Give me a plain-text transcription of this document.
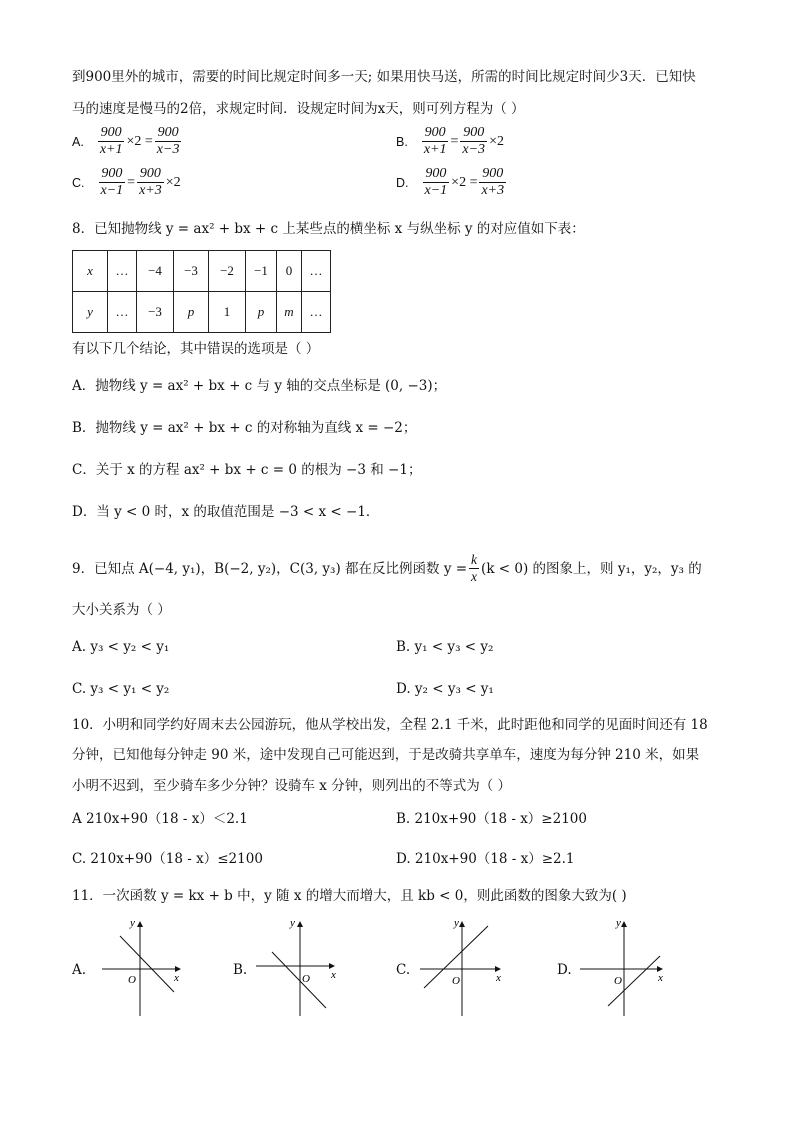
到900里外的城市，需要的时间比规定时间多一天; 如果用快马送，所需的时间比规定时间少3天．已知快
马的速度是慢马的2倍，求规定时间．设规定时间为x天，则可列方程为（ ）
A. $\frac{900}{x+1} \times 2 = \frac{900}{x-3}$	B. $\frac{900}{x+1} = \frac{900}{x-3} \times 2$
C. $\frac{900}{x-1} = \frac{900}{x+3} \times 2$	D. $\frac{900}{x-1} \times 2 = \frac{900}{x+3}$
8．已知抛物线 y = ax² + bx + c 上某些点的横坐标 x 与纵坐标 y 的对应值如下表：
x	…	−4	−3	−2	−1	0	…
y	…	−3	p	1	p	m	…
有以下几个结论，其中错误的选项是（ ）
A．抛物线 y = ax² + bx + c 与 y 轴的交点坐标是 (0, −3)；
B．抛物线 y = ax² + bx + c 的对称轴为直线 x = −2；
C．关于 x 的方程 ax² + bx + c = 0 的根为 −3 和 −1；
D．当 y < 0 时，x 的取值范围是 −3 < x < −1．
9．已知点 A(−4, y₁)，B(−2, y₂)，C(3, y₃) 都在反比例函数 $y = \frac{k}{x} (k < 0)$ 的图象上，则 y₁，y₂，y₃ 的
大小关系为（ ）
A. y₃ < y₂ < y₁	B. y₁ < y₃ < y₂
C. y₃ < y₁ < y₂	D. y₂ < y₃ < y₁
10．小明和同学约好周末去公园游玩，他从学校出发，全程 2.1 千米，此时距他和同学的见面时间还有 18
分钟，已知他每分钟走 90 米，途中发现自己可能迟到，于是改骑共享单车，速度为每分钟 210 米，如果
小明不迟到，至少骑车多少分钟？设骑车 x 分钟，则列出的不等式为（ ）
A 210x+90（18 - x）＜2.1	B. 210x+90（18 - x）≥2100
C. 210x+90（18 - x）≤2100	D. 210x+90（18 - x）≥2.1
11．一次函数 y = kx + b 中，y 随 x 的增大而增大，且 kb < 0，则此函数的图象大致为( )
A.
y
x
O
B.
y
x
O
C.
y
x
O
D.
y
x
O
